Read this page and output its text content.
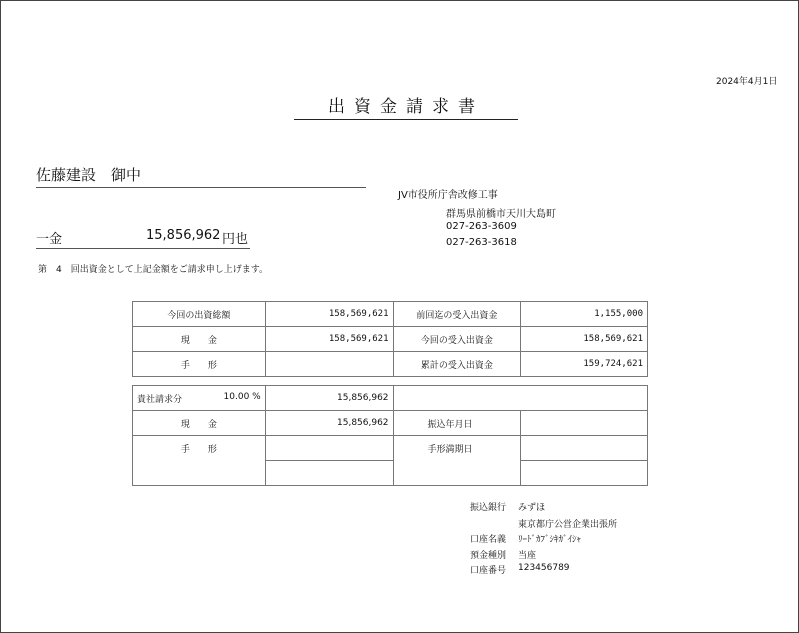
2024年4月1日
出資金請求書
佐藤建設　御中
JV市役所庁舎改修工事
群馬県前橋市天川大島町
027-263-3609
027-263-3618
一金	15,856,962 円也
第　4　回出資金として上記金額をご請求申し上げます。
今回の出資総額	158,569,621	前回迄の受入出資金	1,155,000
現　　金	158,569,621	今回の受入出資金	158,569,621
手　　形		累計の受入出資金	159,724,621
貴社請求分 10.00 %	15,856,962		
現　　金	15,856,962	振込年月日	
手　　形		手形満期日	

振込銀行 みずほ
東京都庁公営企業出張所
口座名義 ﾘｰﾄﾞｶﾌﾞｼｷｶﾞｲｼｬ
預金種別 当座
口座番号 123456789
